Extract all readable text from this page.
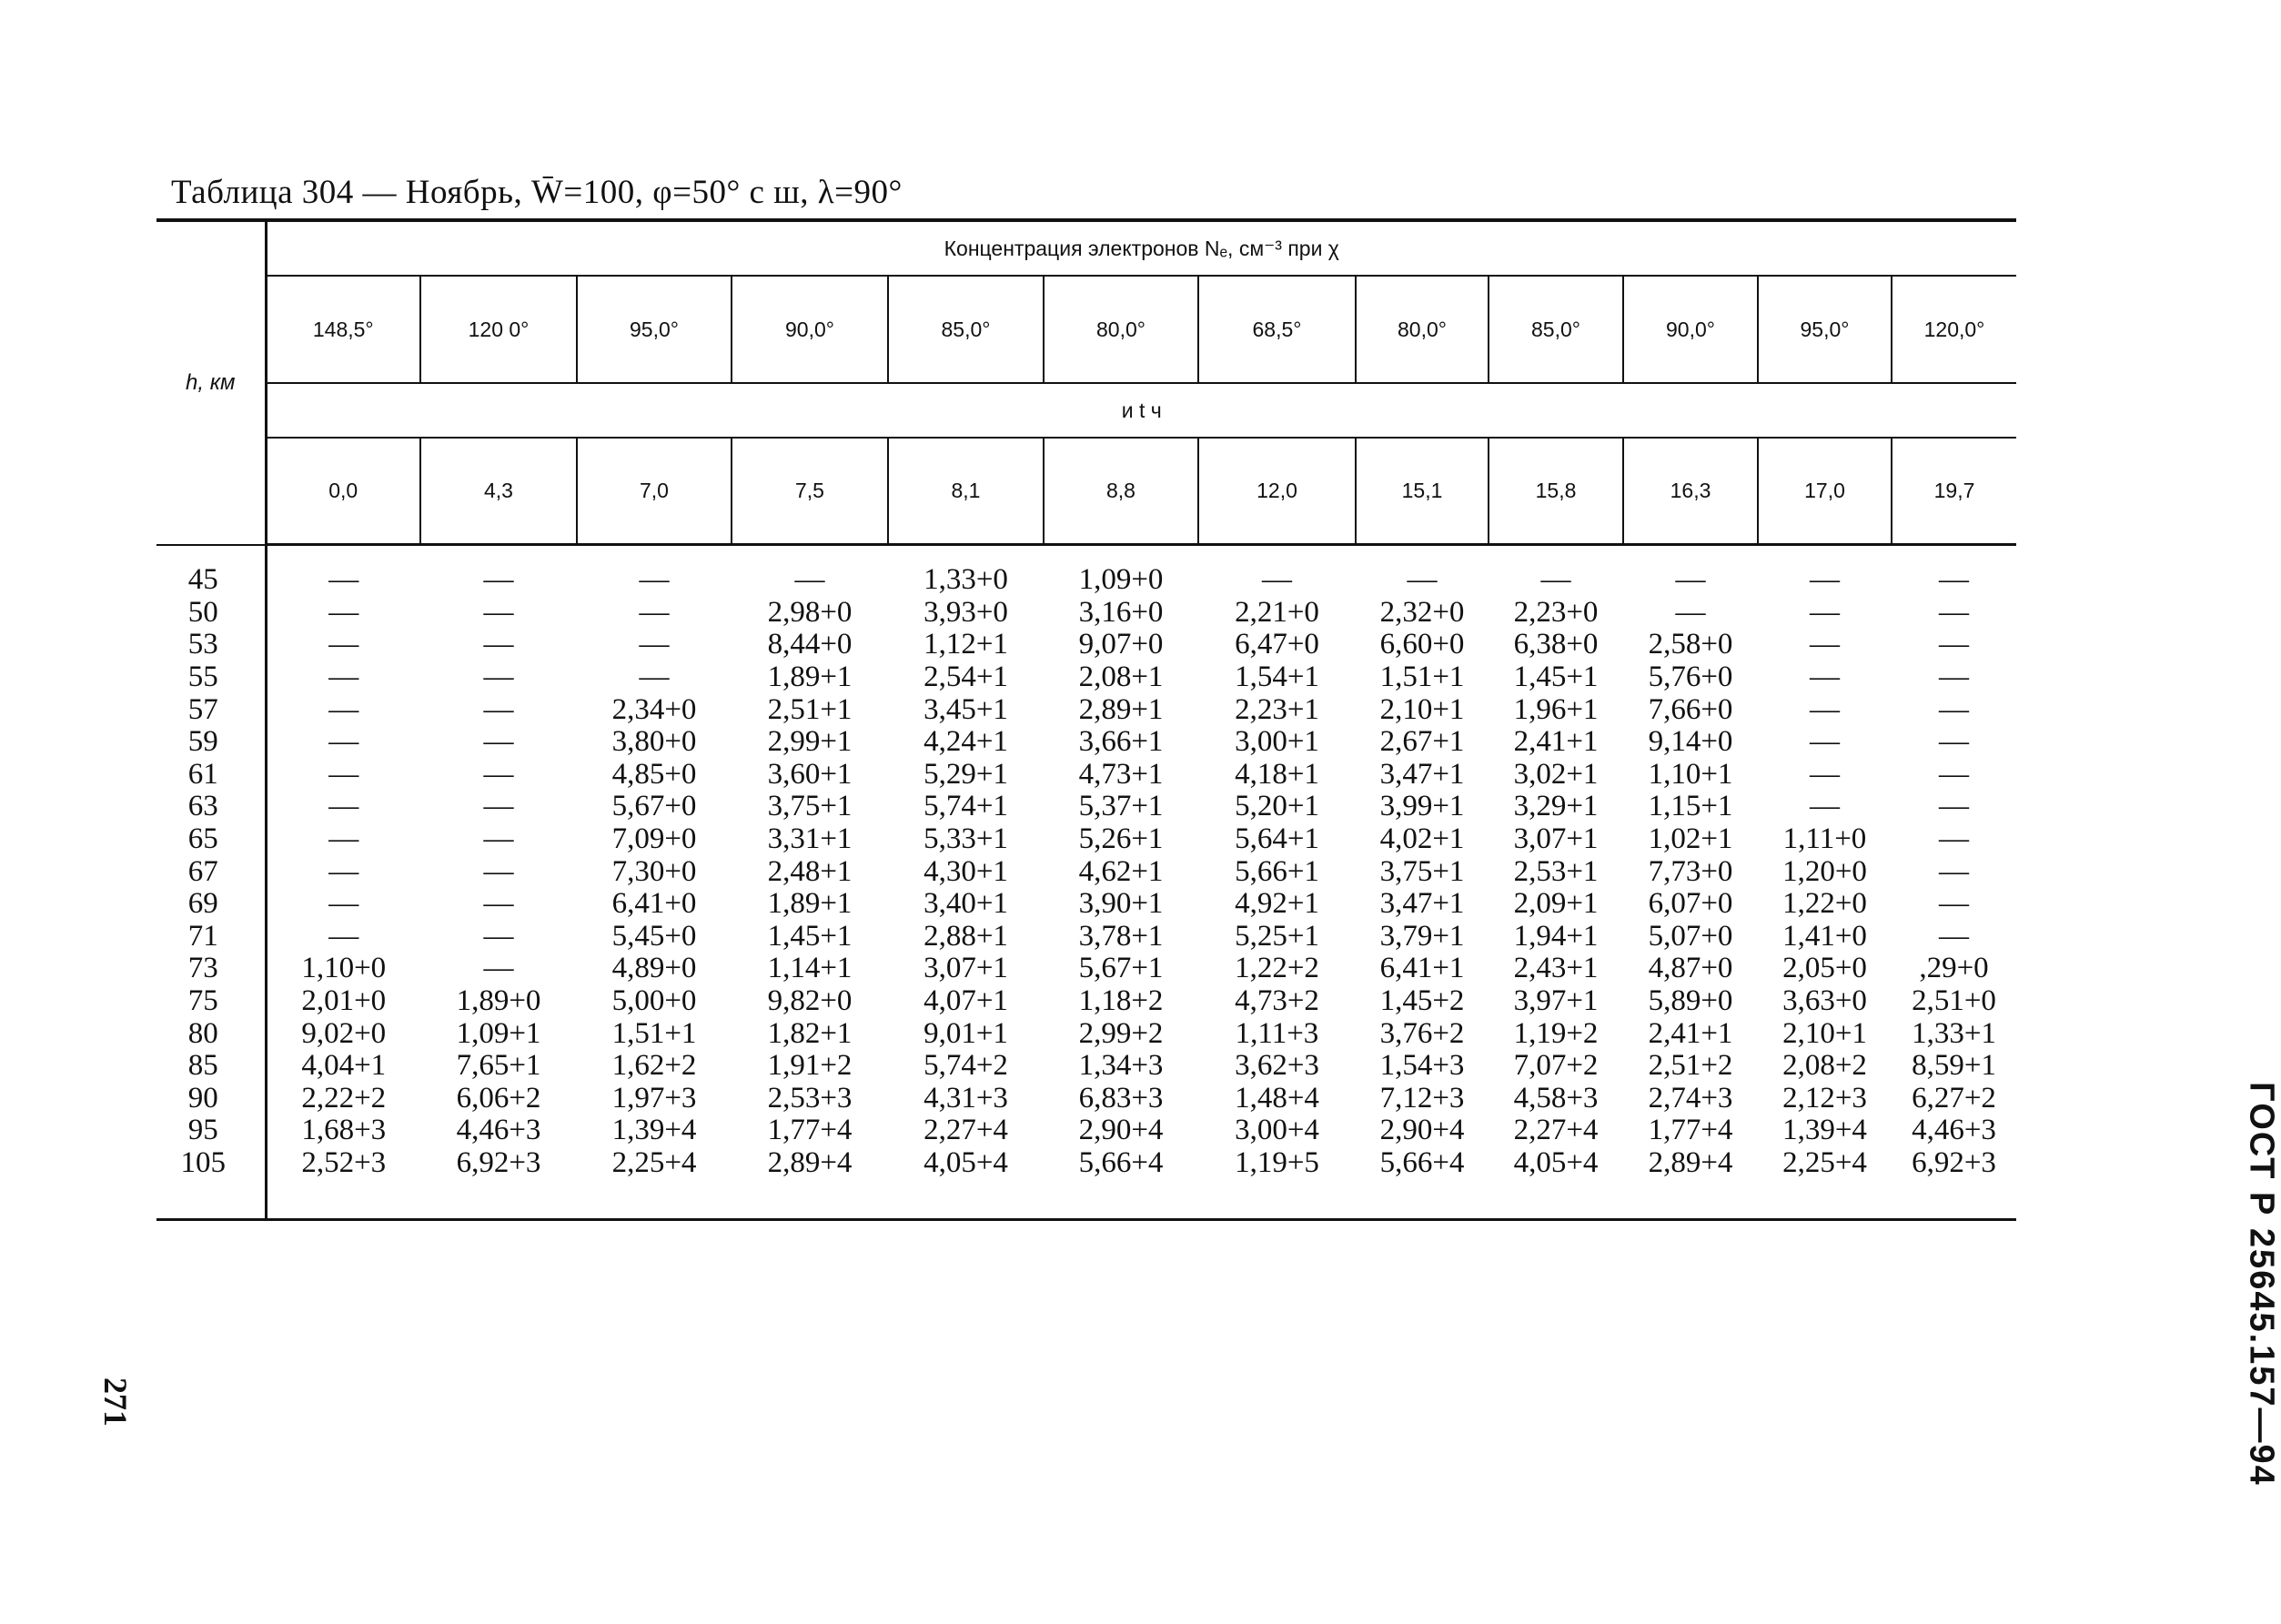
Таблица 304 — Ноябрь, W̄=100, φ=50° с ш, λ=90°
h, км	Концентрация электронов Nₑ, см⁻³ при χ											
	148,5°	120 0°	95,0°	90,0°	85,0°	80,0°	68,5°	80,0°	85,0°	90,0°	95,0°	120,0°
	и t ч											
	0,0	4,3	7,0	7,5	8,1	8,8	12,0	15,1	15,8	16,3	17,0	19,7
45	—	—	—	—	1,33+0	1,09+0	—	—	—	—	—	—
50	—	—	—	2,98+0	3,93+0	3,16+0	2,21+0	2,32+0	2,23+0	—	—	—
53	—	—	—	8,44+0	1,12+1	9,07+0	6,47+0	6,60+0	6,38+0	2,58+0	—	—
55	—	—	—	1,89+1	2,54+1	2,08+1	1,54+1	1,51+1	1,45+1	5,76+0	—	—
57	—	—	2,34+0	2,51+1	3,45+1	2,89+1	2,23+1	2,10+1	1,96+1	7,66+0	—	—
59	—	—	3,80+0	2,99+1	4,24+1	3,66+1	3,00+1	2,67+1	2,41+1	9,14+0	—	—
61	—	—	4,85+0	3,60+1	5,29+1	4,73+1	4,18+1	3,47+1	3,02+1	1,10+1	—	—
63	—	—	5,67+0	3,75+1	5,74+1	5,37+1	5,20+1	3,99+1	3,29+1	1,15+1	—	—
65	—	—	7,09+0	3,31+1	5,33+1	5,26+1	5,64+1	4,02+1	3,07+1	1,02+1	1,11+0	—
67	—	—	7,30+0	2,48+1	4,30+1	4,62+1	5,66+1	3,75+1	2,53+1	7,73+0	1,20+0	—
69	—	—	6,41+0	1,89+1	3,40+1	3,90+1	4,92+1	3,47+1	2,09+1	6,07+0	1,22+0	—
71	—	—	5,45+0	1,45+1	2,88+1	3,78+1	5,25+1	3,79+1	1,94+1	5,07+0	1,41+0	—
73	1,10+0	—	4,89+0	1,14+1	3,07+1	5,67+1	1,22+2	6,41+1	2,43+1	4,87+0	2,05+0	,29+0
75	2,01+0	1,89+0	5,00+0	9,82+0	4,07+1	1,18+2	4,73+2	1,45+2	3,97+1	5,89+0	3,63+0	2,51+0
80	9,02+0	1,09+1	1,51+1	1,82+1	9,01+1	2,99+2	1,11+3	3,76+2	1,19+2	2,41+1	2,10+1	1,33+1
85	4,04+1	7,65+1	1,62+2	1,91+2	5,74+2	1,34+3	3,62+3	1,54+3	7,07+2	2,51+2	2,08+2	8,59+1
90	2,22+2	6,06+2	1,97+3	2,53+3	4,31+3	6,83+3	1,48+4	7,12+3	4,58+3	2,74+3	2,12+3	6,27+2
95	1,68+3	4,46+3	1,39+4	1,77+4	2,27+4	2,90+4	3,00+4	2,90+4	2,27+4	1,77+4	1,39+4	4,46+3
105	2,52+3	6,92+3	2,25+4	2,89+4	4,05+4	5,66+4	1,19+5	5,66+4	4,05+4	2,89+4	2,25+4	6,92+3

271	ГОСТ Р 25645.157—94
